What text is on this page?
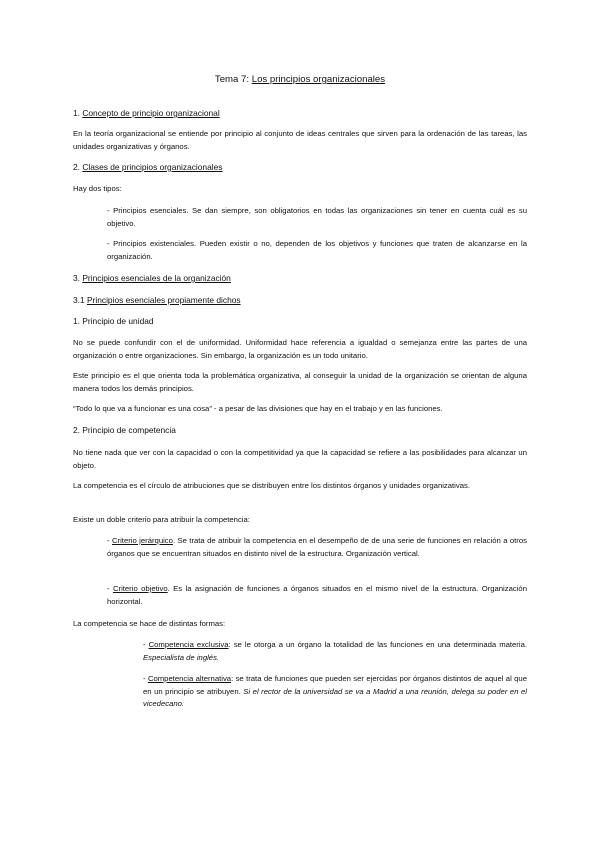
Tema 7: Los principios organizacionales
1. Concepto de principio organizacional
En la teoría organizacional se entiende por principio al conjunto de ideas centrales que sirven para la ordenación de las tareas, las unidades organizativas y órganos.
2. Clases de principios organizacionales
Hay dos tipos:
- Principios esenciales. Se dan siempre, son obligatorios en todas las organizaciones sin tener en cuenta cuál es su objetivo.
- Principios existenciales. Pueden existir o no, dependen de los objetivos y funciones que traten de alcanzarse en la organización.
3. Principios esenciales de la organización
3.1 Principios esenciales propiamente dichos
1. Principio de unidad
No se puede confundir con el de uniformidad. Uniformidad hace referencia a igualdad o semejanza entre las partes de una organización o entre organizaciones. Sin embargo, la organización es un todo unitario.
Este principio es el que orienta toda la problemática organizativa, al conseguir la unidad de la organización se orientan de alguna manera todos los demás principios.
“Todo lo que va a funcionar es una cosa” - a pesar de las divisiones que hay en el trabajo y en las funciones.
2. Principio de competencia
No tiene nada que ver con la capacidad o con la competitividad ya que la capacidad se refiere a las posibilidades para alcanzar un objeto.
La competencia es el círculo de atribuciones que se distribuyen entre los distintos órganos y unidades organizativas.
Existe un doble criterio para atribuir la competencia:
- Criterio jerárquico. Se trata de atribuir la competencia en el desempeño de de una serie de funciones en relación a otros órganos que se encuentran situados en distinto nivel de la estructura. Organización vertical.
- Criterio objetivo. Es la asignación de funciones a órganos situados en el mismo nivel de la estructura. Organización horizontal.
La competencia se hace de distintas formas:
- Competencia exclusiva: se le otorga a un órgano la totalidad de las funciones en una determinada materia. Especialista de inglés.
- Competencia alternativa: se trata de funciones que pueden ser ejercidas por órganos distintos de aquel al que en un principio se atribuyen. Si el rector de la universidad se va a Madrid a una reunión, delega su poder en el vicedecano.
